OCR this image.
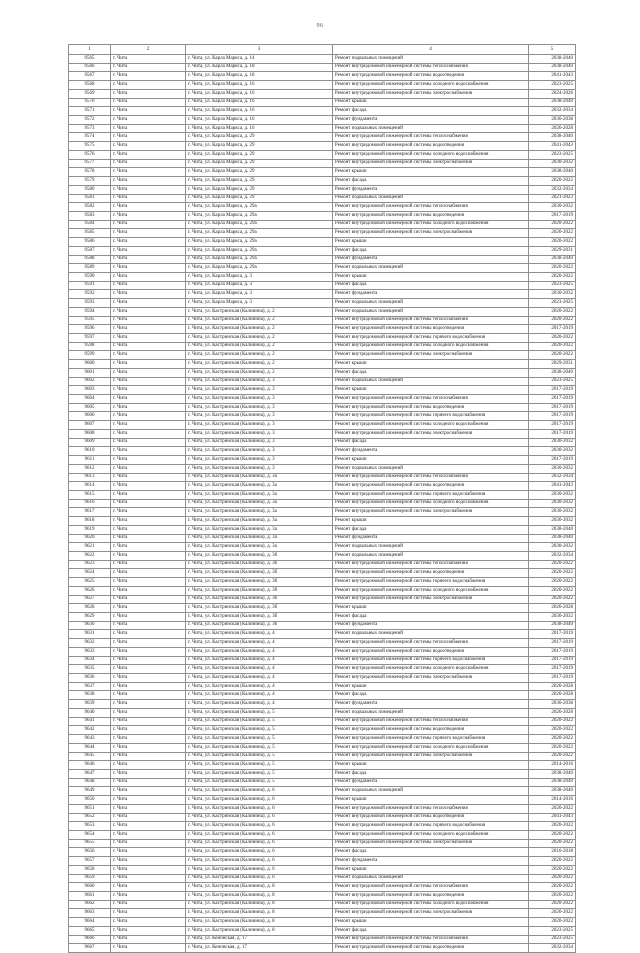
96
1	2	3	4	5
9565	г. Чита	г. Чита, ул. Карла Маркса, д. 14	Ремонт подвальных помещений	2038-2040
9566	г. Чита	г. Чита, ул. Карла Маркса, д. 18	Ремонт внутридомовой инженерной системы теплоснабжения	2038-2040
9567	г. Чита	г. Чита, ул. Карла Маркса, д. 18	Ремонт внутридомовой инженерной системы водоотведения	2041-2043
9568	г. Чита	г. Чита, ул. Карла Маркса, д. 16	Ремонт внутридомовой инженерной системы холодного водоснабжения	2023-2025
9569	г. Чита	г. Чита, ул. Карла Маркса, д. 16	Ремонт внутридомовой инженерной системы электроснабжения	2024-2026
9570	г. Чита	г. Чита, ул. Карла Маркса, д. 16	Ремонт крыши	2038-2040
9571	г. Чита	г. Чита, ул. Карла Маркса, д. 16	Ремонт фасада	2032-2034
9572	г. Чита	г. Чита, ул. Карла Маркса, д. 16	Ремонт фундамента	2036-2038
9573	г. Чита	г. Чита, ул. Карла Маркса, д. 16	Ремонт подвальных помещений	2026-2028
9574	г. Чита	г. Чита, ул. Карла Маркса, д. 29	Ремонт внутридомовой инженерной системы теплоснабжения	2038-2040
9575	г. Чита	г. Чита, ул. Карла Маркса, д. 29	Ремонт внутридомовой инженерной системы водоотведения	2041-2043
9576	г. Чита	г. Чита, ул. Карла Маркса, д. 29	Ремонт внутридомовой инженерной системы холодного водоснабжения	2023-2025
9577	г. Чита	г. Чита, ул. Карла Маркса, д. 29	Ремонт внутридомовой инженерной системы электроснабжения	2030-2032
9578	г. Чита	г. Чита, ул. Карла Маркса, д. 29	Ремонт крыши	2038-2040
9579	г. Чита	г. Чита, ул. Карла Маркса, д. 29	Ремонт фасада	2020-2022
9580	г. Чита	г. Чита, ул. Карла Маркса, д. 29	Ремонт фундамента	2032-2034
9581	г. Чита	г. Чита, ул. Карла Маркса, д. 29	Ремонт подвальных помещений	2021-2023
9582	г. Чита	г. Чита, ул. Карла Маркса, д. 29а	Ремонт внутридомовой инженерной системы теплоснабжения	2030-2032
9583	г. Чита	г. Чита, ул. Карла Маркса, д. 29а	Ремонт внутридомовой инженерной системы водоотведения	2017-2019
9584	г. Чита	г. Чита, ул. Карла Маркса, д. 29а	Ремонт внутридомовой инженерной системы холодного водоснабжения	2020-2022
9585	г. Чита	г. Чита, ул. Карла Маркса, д. 29а	Ремонт внутридомовой инженерной системы электроснабжения	2020-2022
9586	г. Чита	г. Чита, ул. Карла Маркса, д. 29а	Ремонт крыши	2020-2022
9587	г. Чита	г. Чита, ул. Карла Маркса, д. 29а	Ремонт фасада	2029-2031
9588	г. Чита	г. Чита, ул. Карла Маркса, д. 29а	Ремонт фундамента	2038-2040
9589	г. Чита	г. Чита, ул. Карла Маркса, д. 29а	Ремонт подвальных помещений	2020-2022
9590	г. Чита	г. Чита, ул. Карла Маркса, д. 3	Ремонт крыши	2020-2022
9591	г. Чита	г. Чита, ул. Карла Маркса, д. 3	Ремонт фасада	2023-2025
9592	г. Чита	г. Чита, ул. Карла Маркса, д. 3	Ремонт фундамента	2030-2032
9593	г. Чита	г. Чита, ул. Карла Маркса, д. 3	Ремонт подвальных помещений	2023-2025
9594	г. Чита	г. Чита, ул. Кастринская (Калинина), д. 2	Ремонт подвальных помещений	2020-2022
9595	г. Чита	г. Чита, ул. Кастринская (Калинина), д. 2	Ремонт внутридомовой инженерной системы теплоснабжения	2020-2022
9596	г. Чита	г. Чита, ул. Кастринская (Калинина), д. 2	Ремонт внутридомовой инженерной системы водоотведения	2017-2019
9597	г. Чита	г. Чита, ул. Кастринская (Калинина), д. 2	Ремонт внутридомовой инженерной системы горячего водоснабжения	2020-2022
9598	г. Чита	г. Чита, ул. Кастринская (Калинина), д. 2	Ремонт внутридомовой инженерной системы холодного водоснабжения	2020-2022
9599	г. Чита	г. Чита, ул. Кастринская (Калинина), д. 2	Ремонт внутридомовой инженерной системы электроснабжения	2020-2022
9600	г. Чита	г. Чита, ул. Кастринская (Калинина), д. 2	Ремонт крыши	2029-2031
9601	г. Чита	г. Чита, ул. Кастринская (Калинина), д. 2	Ремонт фасада	2038-2040
9602	г. Чита	г. Чита, ул. Кастринская (Калинина), д. 3	Ремонт подвальных помещений	2023-2025
9603	г. Чита	г. Чита, ул. Кастринская (Калинина), д. 3	Ремонт крыши	2017-2019
9604	г. Чита	г. Чита, ул. Кастринская (Калинина), д. 3	Ремонт внутридомовой инженерной системы теплоснабжения	2017-2019
9605	г. Чита	г. Чита, ул. Кастринская (Калинина), д. 3	Ремонт внутридомовой инженерной системы водоотведения	2017-2019
9606	г. Чита	г. Чита, ул. Кастринская (Калинина), д. 3	Ремонт внутридомовой инженерной системы горячего водоснабжения	2017-2019
9607	г. Чита	г. Чита, ул. Кастринская (Калинина), д. 3	Ремонт внутридомовой инженерной системы холодного водоснабжения	2017-2019
9608	г. Чита	г. Чита, ул. Кастринская (Калинина), д. 3	Ремонт внутридомовой инженерной системы электроснабжения	2017-2019
9609	г. Чита	г. Чита, ул. Кастринская (Калинина), д. 3	Ремонт фасада	2030-2032
9610	г. Чита	г. Чита, ул. Кастринская (Калинина), д. 3	Ремонт фундамента	2030-2032
9611	г. Чита	г. Чита, ул. Кастринская (Калинина), д. 3	Ремонт крыши	2017-2019
9612	г. Чита	г. Чита, ул. Кастринская (Калинина), д. 3	Ремонт подвальных помещений	2030-2032
9613	г. Чита	г. Чита, ул. Кастринская (Калинина), д. 3а	Ремонт внутридомовой инженерной системы теплоснабжения	2032-2034
9614	г. Чита	г. Чита, ул. Кастринская (Калинина), д. 3а	Ремонт внутридомовой инженерной системы водоотведения	2041-2043
9615	г. Чита	г. Чита, ул. Кастринская (Калинина), д. 3а	Ремонт внутридомовой инженерной системы горячего водоснабжения	2030-2032
9616	г. Чита	г. Чита, ул. Кастринская (Калинина), д. 3а	Ремонт внутридомовой инженерной системы холодного водоснабжения	2030-2032
9617	г. Чита	г. Чита, ул. Кастринская (Калинина), д. 3а	Ремонт внутридомовой инженерной системы электроснабжения	2030-2032
9618	г. Чита	г. Чита, ул. Кастринская (Калинина), д. 3а	Ремонт крыши	2030-2032
9619	г. Чита	г. Чита, ул. Кастринская (Калинина), д. 3а	Ремонт фасада	2038-2040
9620	г. Чита	г. Чита, ул. Кастринская (Калинина), д. 3а	Ремонт фундамента	2038-2040
9621	г. Чита	г. Чита, ул. Кастринская (Калинина), д. 3а	Ремонт подвальных помещений	2030-2032
9622	г. Чита	г. Чита, ул. Кастринская (Калинина), д. 3б	Ремонт подвальных помещений	2032-2034
9623	г. Чита	г. Чита, ул. Кастринская (Калинина), д. 3б	Ремонт внутридомовой инженерной системы теплоснабжения	2020-2022
9624	г. Чита	г. Чита, ул. Кастринская (Калинина), д. 3б	Ремонт внутридомовой инженерной системы водоотведения	2020-2022
9625	г. Чита	г. Чита, ул. Кастринская (Калинина), д. 3б	Ремонт внутридомовой инженерной системы горячего водоснабжения	2020-2022
9626	г. Чита	г. Чита, ул. Кастринская (Калинина), д. 3б	Ремонт внутридомовой инженерной системы холодного водоснабжения	2020-2022
9627	г. Чита	г. Чита, ул. Кастринская (Калинина), д. 3б	Ремонт внутридомовой инженерной системы электроснабжения	2020-2022
9628	г. Чита	г. Чита, ул. Кастринская (Калинина), д. 3б	Ремонт крыши	2026-2028
9629	г. Чита	г. Чита, ул. Кастринская (Калинина), д. 3б	Ремонт фасада	2030-2032
9630	г. Чита	г. Чита, ул. Кастринская (Калинина), д. 3б	Ремонт фундамента	2038-2040
9631	г. Чита	г. Чита, ул. Кастринская (Калинина), д. 4	Ремонт подвальных помещений	2017-2019
9632	г. Чита	г. Чита, ул. Кастринская (Калинина), д. 4	Ремонт внутридомовой инженерной системы теплоснабжения	2017-2019
9633	г. Чита	г. Чита, ул. Кастринская (Калинина), д. 4	Ремонт внутридомовой инженерной системы водоотведения	2017-2019
9634	г. Чита	г. Чита, ул. Кастринская (Калинина), д. 4	Ремонт внутридомовой инженерной системы горячего водоснабжения	2017-2019
9635	г. Чита	г. Чита, ул. Кастринская (Калинина), д. 4	Ремонт внутридомовой инженерной системы холодного водоснабжения	2017-2019
9636	г. Чита	г. Чита, ул. Кастринская (Калинина), д. 4	Ремонт внутридомовой инженерной системы электроснабжения	2017-2019
9637	г. Чита	г. Чита, ул. Кастринская (Калинина), д. 4	Ремонт крыши	2026-2028
9638	г. Чита	г. Чита, ул. Кастринская (Калинина), д. 4	Ремонт фасада	2026-2028
9639	г. Чита	г. Чита, ул. Кастринская (Калинина), д. 4	Ремонт фундамента	2036-2038
9640	г. Чита	г. Чита, ул. Кастринская (Калинина), д. 5	Ремонт подвальных помещений	2026-2028
9641	г. Чита	г. Чита, ул. Кастринская (Калинина), д. 5	Ремонт внутридомовой инженерной системы теплоснабжения	2020-2022
9642	г. Чита	г. Чита, ул. Кастринская (Калинина), д. 5	Ремонт внутридомовой инженерной системы водоотведения	2020-2022
9643	г. Чита	г. Чита, ул. Кастринская (Калинина), д. 5	Ремонт внутридомовой инженерной системы горячего водоснабжения	2020-2022
9644	г. Чита	г. Чита, ул. Кастринская (Калинина), д. 5	Ремонт внутридомовой инженерной системы холодного водоснабжения	2020-2022
9645	г. Чита	г. Чита, ул. Кастринская (Калинина), д. 5	Ремонт внутридомовой инженерной системы электроснабжения	2020-2022
9646	г. Чита	г. Чита, ул. Кастринская (Калинина), д. 5	Ремонт крыши	2014-2016
9647	г. Чита	г. Чита, ул. Кастринская (Калинина), д. 5	Ремонт фасада	2038-2040
9648	г. Чита	г. Чита, ул. Кастринская (Калинина), д. 5	Ремонт фундамента	2038-2040
9649	г. Чита	г. Чита, ул. Кастринская (Калинина), д. 6	Ремонт подвальных помещений	2038-2040
9650	г. Чита	г. Чита, ул. Кастринская (Калинина), д. 6	Ремонт крыши	2014-2016
9651	г. Чита	г. Чита, ул. Кастринская (Калинина), д. 6	Ремонт внутридомовой инженерной системы теплоснабжения	2020-2022
9652	г. Чита	г. Чита, ул. Кастринская (Калинина), д. 6	Ремонт внутридомовой инженерной системы водоотведения	2041-2043
9653	г. Чита	г. Чита, ул. Кастринская (Калинина), д. 6	Ремонт внутридомовой инженерной системы горячего водоснабжения	2020-2022
9654	г. Чита	г. Чита, ул. Кастринская (Калинина), д. 6	Ремонт внутридомовой инженерной системы холодного водоснабжения	2020-2022
9655	г. Чита	г. Чита, ул. Кастринская (Калинина), д. 6	Ремонт внутридомовой инженерной системы электроснабжения	2020-2022
9656	г. Чита	г. Чита, ул. Кастринская (Калинина), д. 6	Ремонт фасада	2016-2018
9657	г. Чита	г. Чита, ул. Кастринская (Калинина), д. 6	Ремонт фундамента	2020-2022
9658	г. Чита	г. Чита, ул. Кастринская (Калинина), д. 6	Ремонт крыши	2020-2022
9659	г. Чита	г. Чита, ул. Кастринская (Калинина), д. 6	Ремонт подвальных помещений	2020-2022
9660	г. Чита	г. Чита, ул. Кастринская (Калинина), д. 8	Ремонт внутридомовой инженерной системы теплоснабжения	2020-2022
9661	г. Чита	г. Чита, ул. Кастринская (Калинина), д. 8	Ремонт внутридомовой инженерной системы водоотведения	2020-2022
9662	г. Чита	г. Чита, ул. Кастринская (Калинина), д. 8	Ремонт внутридомовой инженерной системы холодного водоснабжения	2020-2022
9663	г. Чита	г. Чита, ул. Кастринская (Калинина), д. 8	Ремонт внутридомовой инженерной системы электроснабжения	2020-2022
9664	г. Чита	г. Чита, ул. Кастринская (Калинина), д. 8	Ремонт крыши	2020-2022
9665	г. Чита	г. Чита, ул. Кастринская (Калинина), д. 8	Ремонт фасада	2023-2025
9666	г. Чита	г. Чита, ул. Кенонская, д. 17	Ремонт внутридомовой инженерной системы теплоснабжения	2023-2025
9667	г. Чита	г. Чита, ул. Кенонская, д. 17	Ремонт внутридомовой инженерной системы водоотведения	2032-2034
